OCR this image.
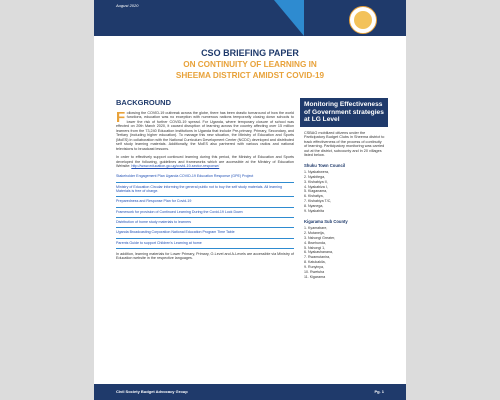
August 2020
CSBAG
CSO BRIEFING PAPER
ON CONTINUITY OF LEARNING IN
SHEEMA DISTRICT AMIDST COVID-19
BACKGROUND
Following the COVID-19 outbreak across the globe, there has been drastic turnaround of how the world functions, education was no exception with numerous nations temporarily closing down schools to lower the risk of further COVID-19 spread. For Uganda, where temporary closure of school was effected on 20th March 2020, it caused disruption of learning across the country affecting over 15 million learners from the 73,240 Education institutions in Uganda that include Pre-primary, Primary, Secondary, and Tertiary (including higher education). To manage this new situation, the Ministry of Education and Sports (MoES) in collaboration with the National Curriculum Development Center (NCDC) developed and distributed self study learning materials. Additionally, the MoES also partnered with various radios and national televisions to broadcast lessons.
In order to effectively support continued learning during this period, the Ministry of Education and Sports developed the following, guidelines and frameworks which are accessible at the Ministry of Education Website: http://www.education.go.ug/covid-19-sector-response/
Stakeholder Engagement Plan Uganda COVID-19 Education Response (GPE) Project
Ministry of Education Circular informing the general public not to buy the self study materials. All learning Materials is free of charge.
Preparedness and Response Plan for Covid-19
Framework for provision of Continued Learning During the Covid-19 Lock Down
Distribution of home study materials to learners
Uganda Broadcasting Corporation National Education Program Time Table
Parents Guide to support Children's Learning at home
In addition, learning materials for Lower Primary, Primary, O-Level and A-Levels are accessible via Ministry of Education website in the respective languages.
Monitoring Effectiveness of Government strategies at LG Level
CSBAG mobilized citizens under the Participatory Budget Clubs in Sheema district to track effectiveness of the process of continuity of learning. Participatory monitoring was carried out at the district, subcounty and in 20 villages listed below.
Shuku Town Council
1. Nyakabwera,
2. Nyabitega,
3. Kishabiya II,
4. Nyakabiza I,
5. Kiaganama,
6. Kishatiya,
7. Kishabiya T/C,
8. Nyanega,
9. Nyakahita
Kigarama Sub County
1. Kyamabare,
2. Mutaneija,
3. Nshongi Greater,
4. Bwehunda,
5. Nshongi 1,
6. Nyakashanana,
7. Rwamutanira,
8. Katukakila,
9. Runyinya,
10. Rwetuha
11. Kigarama
Civil Society Budget Advocacy Group	Pg. 1
